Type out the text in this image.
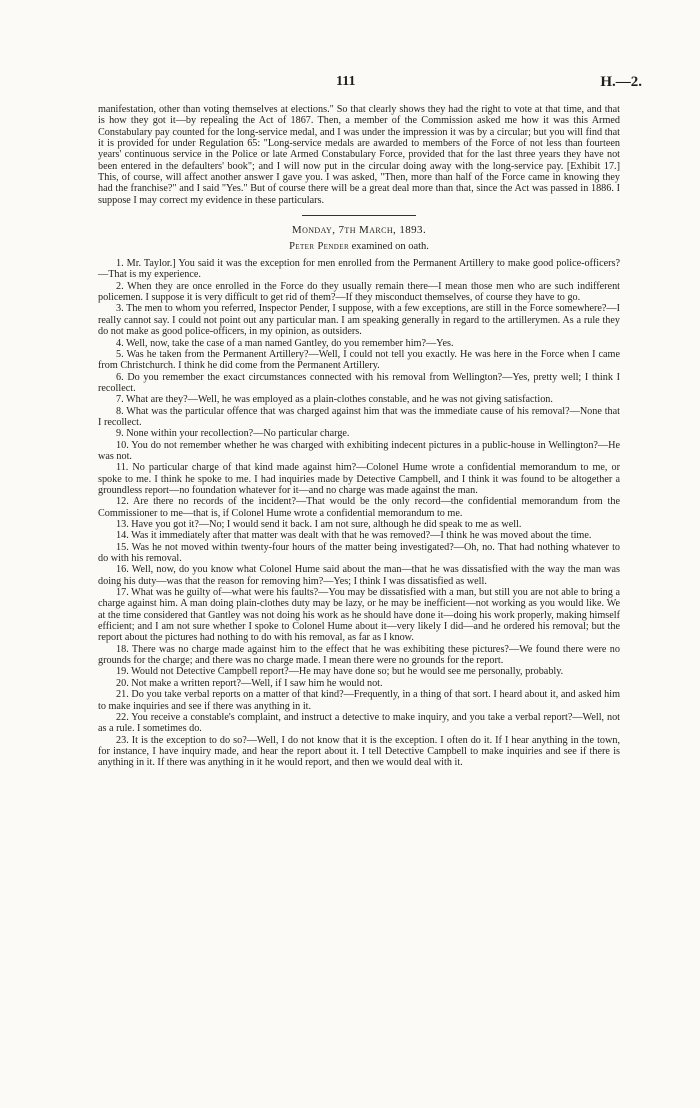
111	H.—2.

manifestation, other than voting themselves at elections." So that clearly shows they had the right to vote at that time, and that is how they got it—by repealing the Act of 1867. Then, a member of the Commission asked me how it was this Armed Constabulary pay counted for the long-service medal, and I was under the impression it was by a circular; but you will find that it is provided for under Regulation 65: "Long-service medals are awarded to members of the Force of not less than fourteen years' continuous service in the Police or late Armed Constabulary Force, provided that for the last three years they have not been entered in the defaulters' book"; and I will now put in the circular doing away with the long-service pay. [Exhibit 17.] This, of course, will affect another answer I gave you. I was asked, "Then, more than half of the Force came in knowing they had the franchise?" and I said "Yes." But of course there will be a great deal more than that, since the Act was passed in 1886. I suppose I may correct my evidence in these particulars.

Monday, 7th March, 1893.
Peter Pender examined on oath.

1. Mr. Taylor.] You said it was the exception for men enrolled from the Permanent Artillery to make good police-officers?—That is my experience.

2. When they are once enrolled in the Force do they usually remain there—I mean those men who are such indifferent policemen. I suppose it is very difficult to get rid of them?—If they misconduct themselves, of course they have to go.

3. The men to whom you referred, Inspector Pender, I suppose, with a few exceptions, are still in the Force somewhere?—I really cannot say. I could not point out any particular man. I am speaking generally in regard to the artillerymen. As a rule they do not make as good police-officers, in my opinion, as outsiders.

4. Well, now, take the case of a man named Gantley, do you remember him?—Yes.

5. Was he taken from the Permanent Artillery?—Well, I could not tell you exactly. He was here in the Force when I came from Christchurch. I think he did come from the Permanent Artillery.

6. Do you remember the exact circumstances connected with his removal from Wellington?—Yes, pretty well; I think I recollect.

7. What are they?—Well, he was employed as a plain-clothes constable, and he was not giving satisfaction.

8. What was the particular offence that was charged against him that was the immediate cause of his removal?—None that I recollect.

9. None within your recollection?—No particular charge.

10. You do not remember whether he was charged with exhibiting indecent pictures in a public-house in Wellington?—He was not.

11. No particular charge of that kind made against him?—Colonel Hume wrote a confidential memorandum to me, or spoke to me. I think he spoke to me. I had inquiries made by Detective Campbell, and I think it was found to be altogether a groundless report—no foundation whatever for it—and no charge was made against the man.

12. Are there no records of the incident?—That would be the only record—the confidential memorandum from the Commissioner to me—that is, if Colonel Hume wrote a confidential memorandum to me.

13. Have you got it?—No; I would send it back. I am not sure, although he did speak to me as well.

14. Was it immediately after that matter was dealt with that he was removed?—I think he was moved about the time.

15. Was he not moved within twenty-four hours of the matter being investigated?—Oh, no. That had nothing whatever to do with his removal.

16. Well, now, do you know what Colonel Hume said about the man—that he was dissatisfied with the way the man was doing his duty—was that the reason for removing him?—Yes; I think I was dissatisfied as well.

17. What was he guilty of—what were his faults?—You may be dissatisfied with a man, but still you are not able to bring a charge against him. A man doing plain-clothes duty may be lazy, or he may be inefficient—not working as you would like. We at the time considered that Gantley was not doing his work as he should have done it—doing his work properly, making himself efficient; and I am not sure whether I spoke to Colonel Hume about it—very likely I did—and he ordered his removal; but the report about the pictures had nothing to do with his removal, as far as I know.

18. There was no charge made against him to the effect that he was exhibiting these pictures?—We found there were no grounds for the charge; and there was no charge made. I mean there were no grounds for the report.

19. Would not Detective Campbell report?—He may have done so; but he would see me personally, probably.

20. Not make a written report?—Well, if I saw him he would not.

21. Do you take verbal reports on a matter of that kind?—Frequently, in a thing of that sort. I heard about it, and asked him to make inquiries and see if there was anything in it.

22. You receive a constable's complaint, and instruct a detective to make inquiry, and you take a verbal report?—Well, not as a rule. I sometimes do.

23. It is the exception to do so?—Well, I do not know that it is the exception. I often do it. If I hear anything in the town, for instance, I have inquiry made, and hear the report about it. I tell Detective Campbell to make inquiries and see if there is anything in it. If there was anything in it he would report, and then we would deal with it.
